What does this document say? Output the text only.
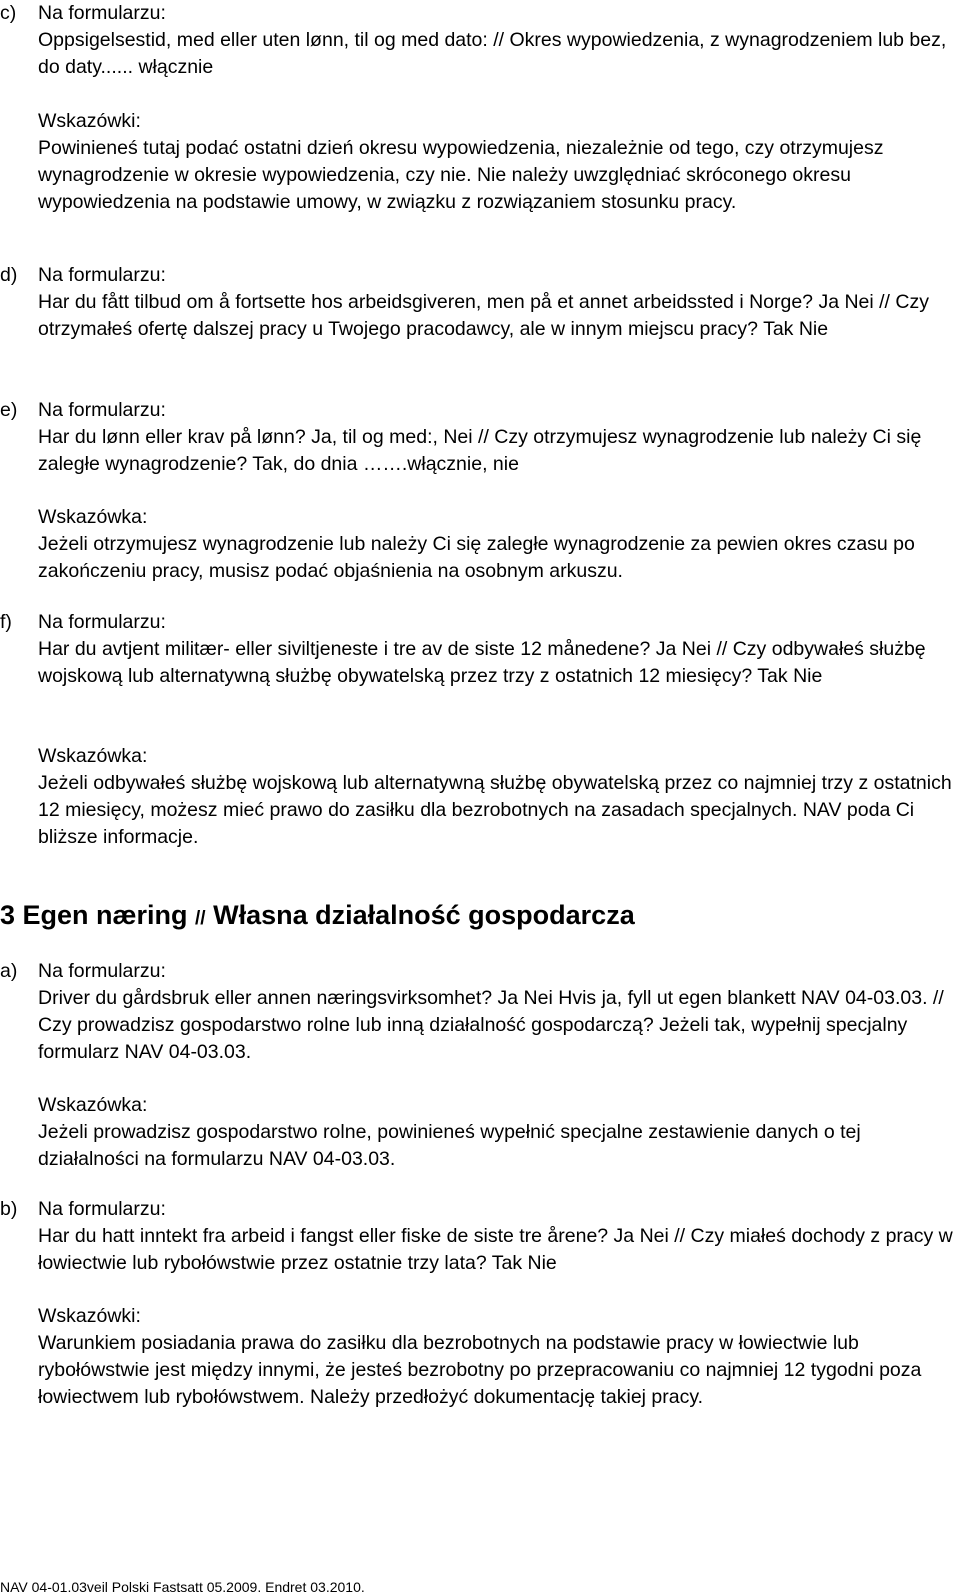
c) Na formularzu:
Oppsigelsestid, med eller uten lønn, til og med dato: // Okres wypowiedzenia, z wynagrodzeniem lub bez, do daty...... włącznie
Wskazówki:
Powinieneś tutaj podać ostatni dzień okresu wypowiedzenia, niezależnie od tego, czy otrzymujesz wynagrodzenie w okresie wypowiedzenia, czy nie. Nie należy uwzględniać skróconego okresu wypowiedzenia na podstawie umowy, w związku z rozwiązaniem stosunku pracy.
d) Na formularzu:
Har du fått tilbud om å fortsette hos arbeidsgiveren, men på et annet arbeidssted i Norge? Ja Nei // Czy otrzymałeś ofertę dalszej pracy u Twojego pracodawcy, ale w innym miejscu pracy? Tak Nie
e) Na formularzu:
Har du lønn eller krav på lønn? Ja, til og med:, Nei // Czy otrzymujesz wynagrodzenie lub należy Ci się zaległe wynagrodzenie? Tak, do dnia …….włącznie, nie
Wskazówka:
Jeżeli otrzymujesz wynagrodzenie lub należy Ci się zaległe wynagrodzenie za pewien okres czasu po zakończeniu pracy, musisz podać objaśnienia na osobnym arkuszu.
f) Na formularzu:
Har du avtjent militær- eller siviltjeneste i tre av de siste 12 månedene? Ja Nei // Czy odbywałeś służbę wojskową lub alternatywną służbę obywatelską przez trzy z ostatnich 12 miesięcy? Tak Nie
Wskazówka:
Jeżeli odbywałeś służbę wojskową lub alternatywną służbę obywatelską przez co najmniej trzy z ostatnich 12 miesięcy, możesz mieć prawo do zasiłku dla bezrobotnych na zasadach specjalnych. NAV poda Ci bliższe informacje.
3 Egen næring // Własna działalność gospodarcza
a) Na formularzu:
Driver du gårdsbruk eller annen næringsvirksomhet? Ja Nei Hvis ja, fyll ut egen blankett NAV 04-03.03. // Czy prowadzisz gospodarstwo rolne lub inną działalność gospodarczą? Jeżeli tak, wypełnij specjalny formularz NAV 04-03.03.
Wskazówka:
Jeżeli prowadzisz gospodarstwo rolne, powinieneś wypełnić specjalne zestawienie danych o tej działalności na formularzu NAV 04-03.03.
b) Na formularzu:
Har du hatt inntekt fra arbeid i fangst eller fiske de siste tre årene? Ja Nei // Czy miałeś dochody z pracy w łowiectwie lub rybołówstwie przez ostatnie trzy lata? Tak Nie
Wskazówki:
Warunkiem posiadania prawa do zasiłku dla bezrobotnych na podstawie pracy w łowiectwie lub rybołówstwie jest między innymi, że jesteś bezrobotny po przepracowaniu co najmniej 12 tygodni poza łowiectwem lub rybołówstwem. Należy przedłożyć dokumentację takiej pracy.
NAV 04-01.03veil Polski Fastsatt 05.2009. Endret 03.2010.
